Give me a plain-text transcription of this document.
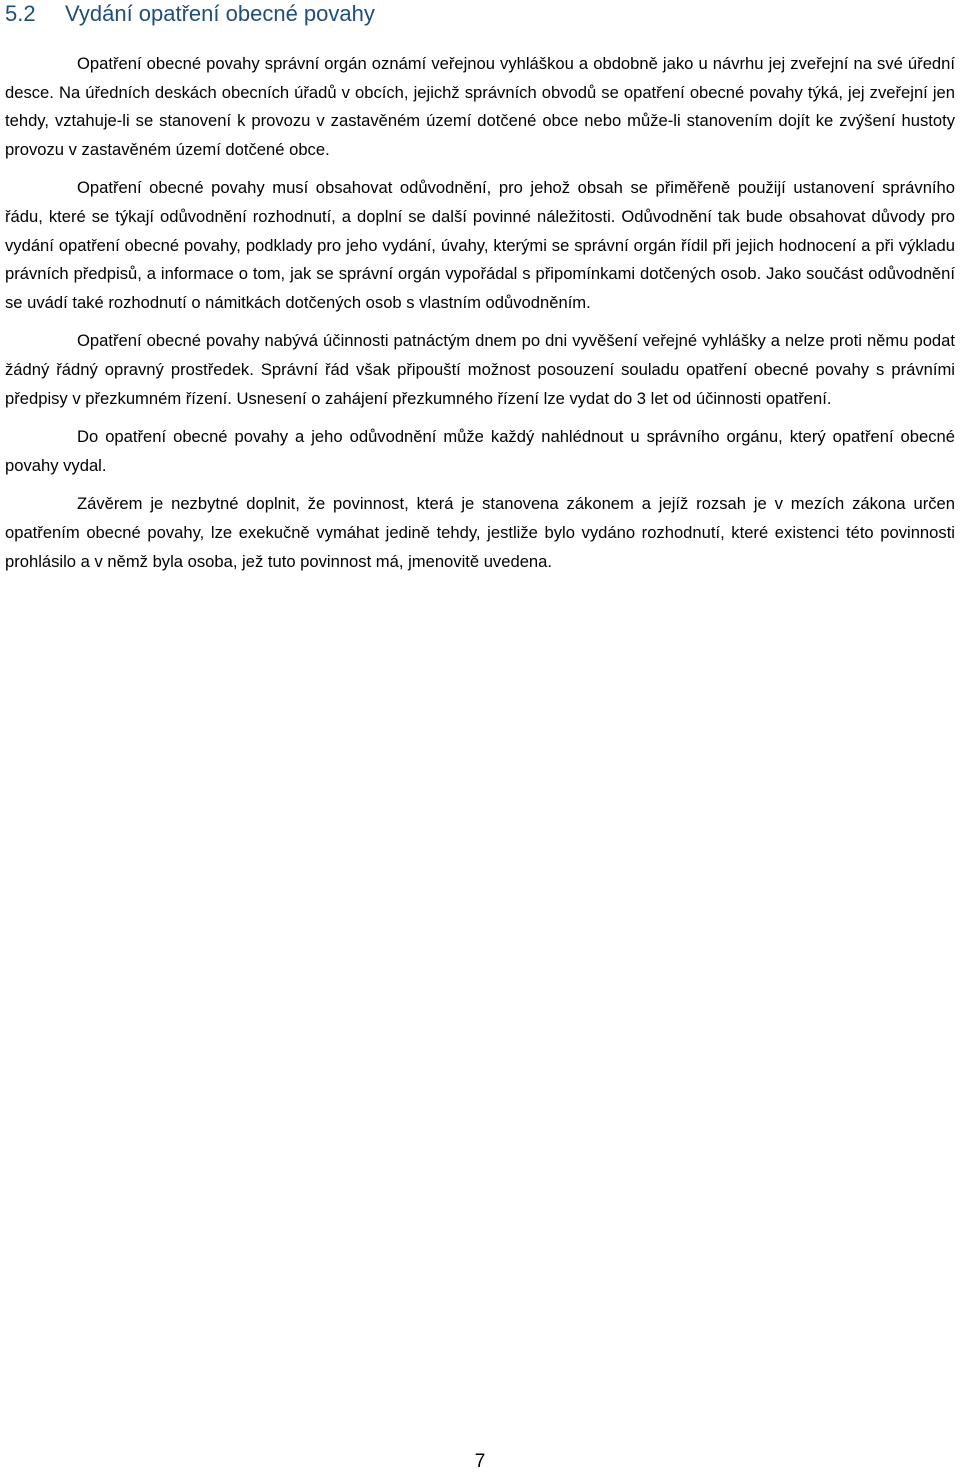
5.2 Vydání opatření obecné povahy

Opatření obecné povahy správní orgán oznámí veřejnou vyhláškou a obdobně jako u návrhu jej zveřejní na své úřední desce. Na úředních deskách obecních úřadů v obcích, jejichž správních obvodů se opatření obecné povahy týká, jej zveřejní jen tehdy, vztahuje-li se stanovení k provozu v zastavěném území dotčené obce nebo může-li stanovením dojít ke zvýšení hustoty provozu v zastavěném území dotčené obce.

Opatření obecné povahy musí obsahovat odůvodnění, pro jehož obsah se přiměřeně použijí ustanovení správního řádu, které se týkají odůvodnění rozhodnutí, a doplní se další povinné náležitosti. Odůvodnění tak bude obsahovat důvody pro vydání opatření obecné povahy, podklady pro jeho vydání, úvahy, kterými se správní orgán řídil při jejich hodnocení a při výkladu právních předpisů, a informace o tom, jak se správní orgán vypořádal s připomínkami dotčených osob. Jako součást odůvodnění se uvádí také rozhodnutí o námitkách dotčených osob s vlastním odůvodněním.

Opatření obecné povahy nabývá účinnosti patnáctým dnem po dni vyvěšení veřejné vyhlášky a nelze proti němu podat žádný řádný opravný prostředek. Správní řád však připouští možnost posouzení souladu opatření obecné povahy s právními předpisy v přezkumném řízení. Usnesení o zahájení přezkumného řízení lze vydat do 3 let od účinnosti opatření.

Do opatření obecné povahy a jeho odůvodnění může každý nahlédnout u správního orgánu, který opatření obecné povahy vydal.

Závěrem je nezbytné doplnit, že povinnost, která je stanovena zákonem a jejíž rozsah je v mezích zákona určen opatřením obecné povahy, lze exekučně vymáhat jedině tehdy, jestliže bylo vydáno rozhodnutí, které existenci této povinnosti prohlásilo a v němž byla osoba, jež tuto povinnost má, jmenovitě uvedena.

7
